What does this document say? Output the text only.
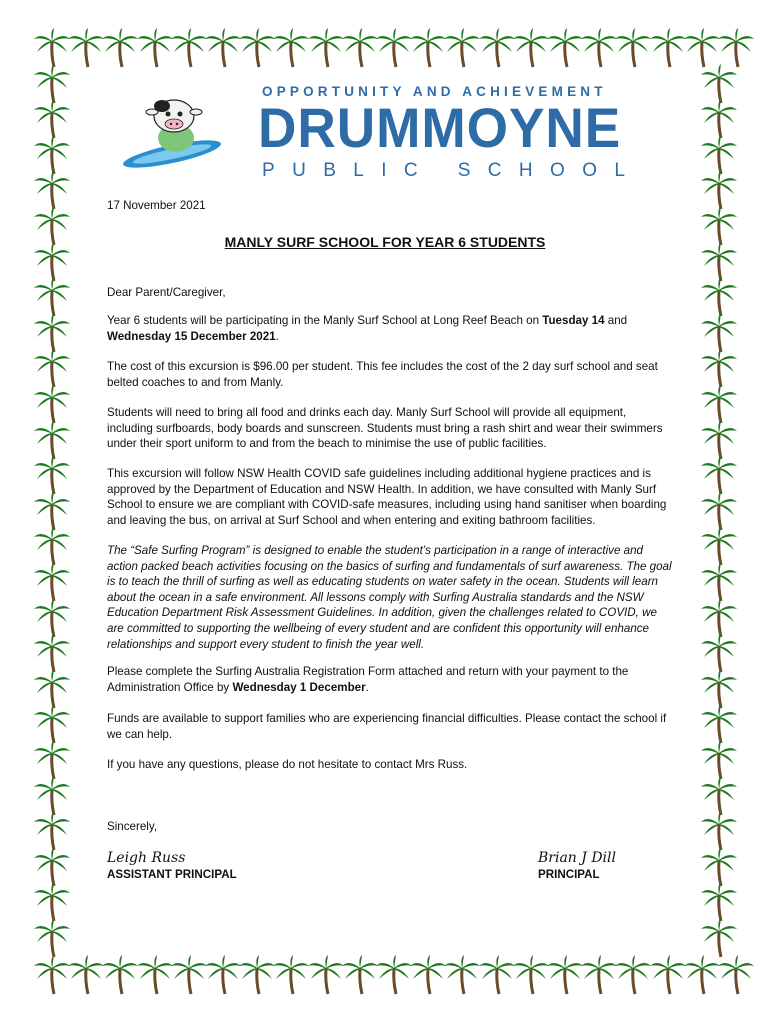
OPPORTUNITY AND ACHIEVEMENT
DRUMMOYNE
PUBLIC SCHOOL
17 November 2021
MANLY SURF SCHOOL FOR YEAR 6 STUDENTS
Dear Parent/Caregiver,
Year 6 students will be participating in the Manly Surf School at Long Reef Beach on Tuesday 14 and Wednesday 15 December 2021.
The cost of this excursion is $96.00 per student. This fee includes the cost of the 2 day surf school and seat belted coaches to and from Manly.
Students will need to bring all food and drinks each day. Manly Surf School will provide all equipment, including surfboards, body boards and sunscreen. Students must bring a rash shirt and wear their swimmers under their sport uniform to and from the beach to minimise the use of public facilities.
This excursion will follow NSW Health COVID safe guidelines including additional hygiene practices and is approved by the Department of Education and NSW Health. In addition, we have consulted with Manly Surf School to ensure we are compliant with COVID-safe measures, including using hand sanitiser when boarding and leaving the bus, on arrival at Surf School and when entering and exiting bathroom facilities.
The “Safe Surfing Program” is designed to enable the student’s participation in a range of interactive and action packed beach activities focusing on the basics of surfing and fundamentals of surf awareness. The goal is to teach the thrill of surfing as well as educating students on water safety in the ocean. Students will learn about the ocean in a safe environment. All lessons comply with Surfing Australia standards and the NSW Education Department Risk Assessment Guidelines. In addition, given the challenges related to COVID, we are committed to supporting the wellbeing of every student and are confident this opportunity will enhance relationships and support every student to finish the year well.
Please complete the Surfing Australia Registration Form attached and return with your payment to the Administration Office by Wednesday 1 December.
Funds are available to support families who are experiencing financial difficulties. Please contact the school if we can help.
If you have any questions, please do not hesitate to contact Mrs Russ.
Sincerely,
Leigh Russ
ASSISTANT PRINCIPAL
Brian J Dill
PRINCIPAL
